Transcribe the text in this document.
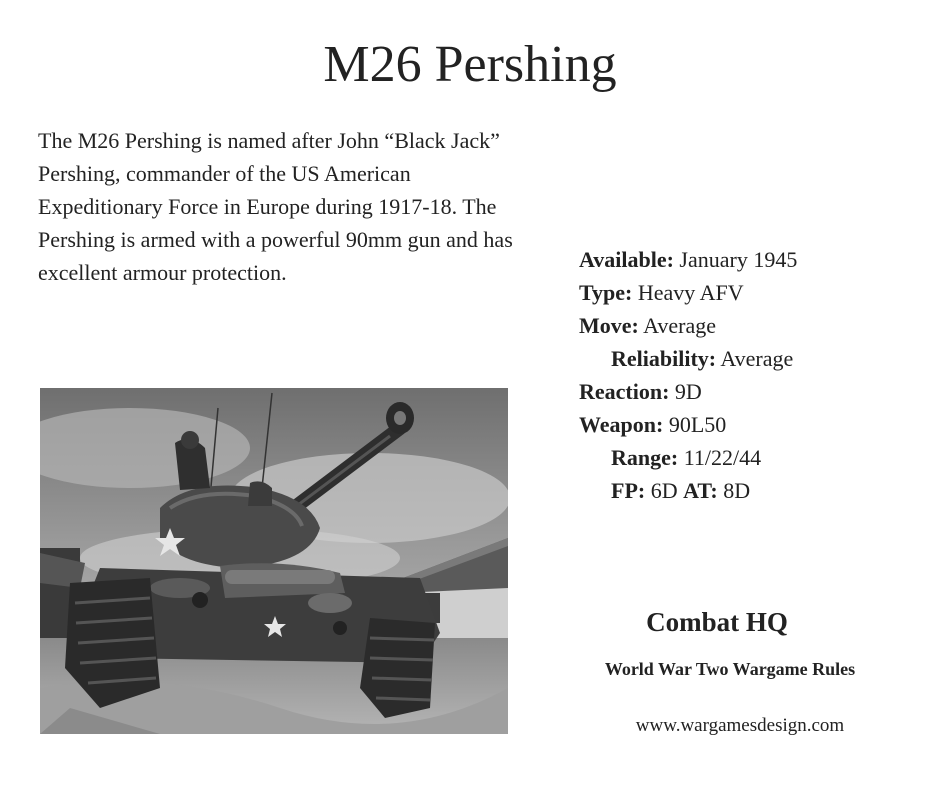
M26 Pershing
The M26 Pershing is named after John “Black Jack” Pershing, commander of the US American Expeditionary Force in Europe during 1917-18. The Pershing is armed with a powerful 90mm gun and has excellent armour protection.
Available: January 1945
Type: Heavy AFV
Move: Average
Reliability: Average
Reaction: 9D
Weapon: 90L50
Range: 11/22/44
FP: 6D AT: 8D
Combat HQ
World War Two Wargame Rules
www.wargamesdesign.com
